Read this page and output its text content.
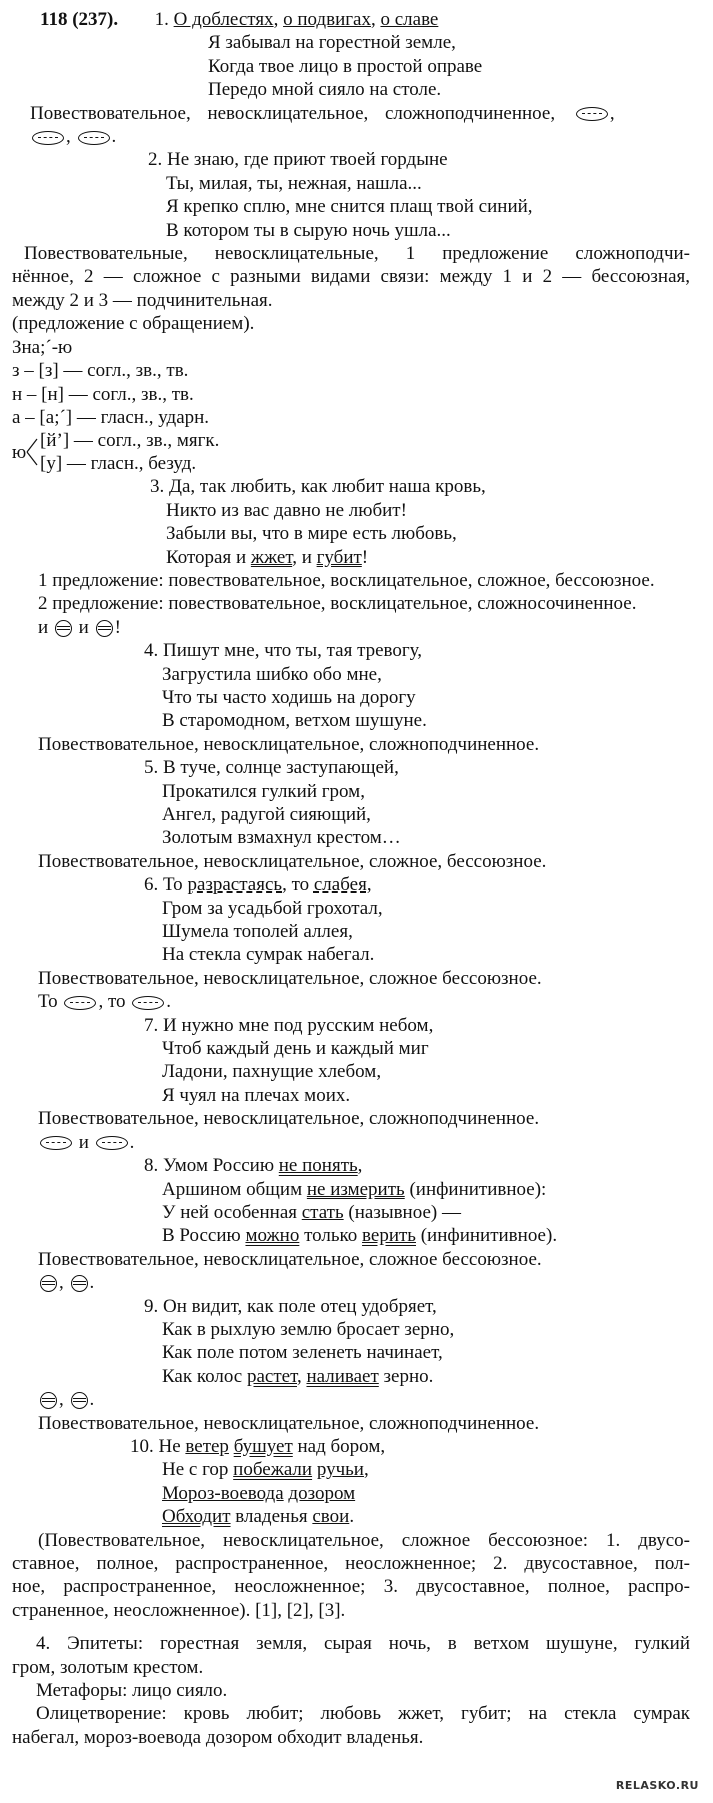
118 (237). 1. О доблестях, о подвигах, о славе
Я забывал на горестной земле,
Когда твое лицо в простой оправе
Передо мной сияло на столе.
Повествовательное, невосклицательное, сложноподчиненное,	,
, .
2. Не знаю, где приют твоей гордыне
Ты, милая, ты, нежная, нашла...
Я крепко сплю, мне снится плащ твой синий,
В котором ты в сырую ночь ушла...
Повествовательные, невосклицательные, 1 предложение сложноподчи-
нённое, 2 — сложное с разными видами связи: между 1 и 2 — бессоюзная,
между 2 и 3 — подчинительная.
(предложение с обращением).
Зна;´-ю
з – [з] — согл., зв., тв.
н – [н] — согл., зв., тв.
а – [а;´] — гласн., ударн.
ю
[й’] — согл., зв., мягк.
[у] — гласн., безуд.
3. Да, так любить, как любит наша кровь,
Никто из вас давно не любит!
Забыли вы, что в мире есть любовь,
Которая и жжет, и губит!
1 предложение: повествовательное, восклицательное, сложное, бессоюзное.
2 предложение: повествовательное, восклицательное, сложносочиненное.
и и !
4. Пишут мне, что ты, тая тревогу,
Загрустила шибко обо мне,
Что ты часто ходишь на дорогу
В старомодном, ветхом шушуне.
Повествовательное, невосклицательное, сложноподчиненное.
5. В туче, солнце заступающей,
Прокатился гулкий гром,
Ангел, радугой сияющий,
Золотым взмахнул крестом…
Повествовательное, невосклицательное, сложное, бессоюзное.
6. То разрастаясь, то слабея,
Гром за усадьбой грохотал,
Шумела тополей аллея,
На стекла сумрак набегал.
Повествовательное, невосклицательное, сложное бессоюзное.
То , то .
7. И нужно мне под русским небом,
Чтоб каждый день и каждый миг
Ладони, пахнущие хлебом,
Я чуял на плечах моих.
Повествовательное, невосклицательное, сложноподчиненное.
и .
8. Умом Россию не понять,
Аршином общим не измерить (инфинитивное):
У ней особенная стать (назывное) —
В Россию можно только верить (инфинитивное).
Повествовательное, невосклицательное, сложное бессоюзное.
, .
9. Он видит, как поле отец удобряет,
Как в рыхлую землю бросает зерно,
Как поле потом зеленеть начинает,
Как колос растет, наливает зерно.
, .
Повествовательное, невосклицательное, сложноподчиненное.
10. Не ветер бушует над бором,
Не с гор побежали ручьи,
Мороз-воевода дозором
Обходит владенья свои.
(Повествовательное, невосклицательное, сложное бессоюзное: 1. двусо-
ставное, полное, распространенное, неосложненное; 2. двусоставное, пол-
ное, распространенное, неосложненное; 3. двусоставное, полное, распро-
страненное, неосложненное). [1], [2], [3].
4. Эпитеты: горестная земля, сырая ночь, в ветхом шушуне, гулкий
гром, золотым крестом.
Метафоры: лицо сияло.
Олицетворение: кровь любит; любовь жжет, губит; на стекла сумрак
набегал, мороз-воевода дозором обходит владенья.
RELASKO.RU
